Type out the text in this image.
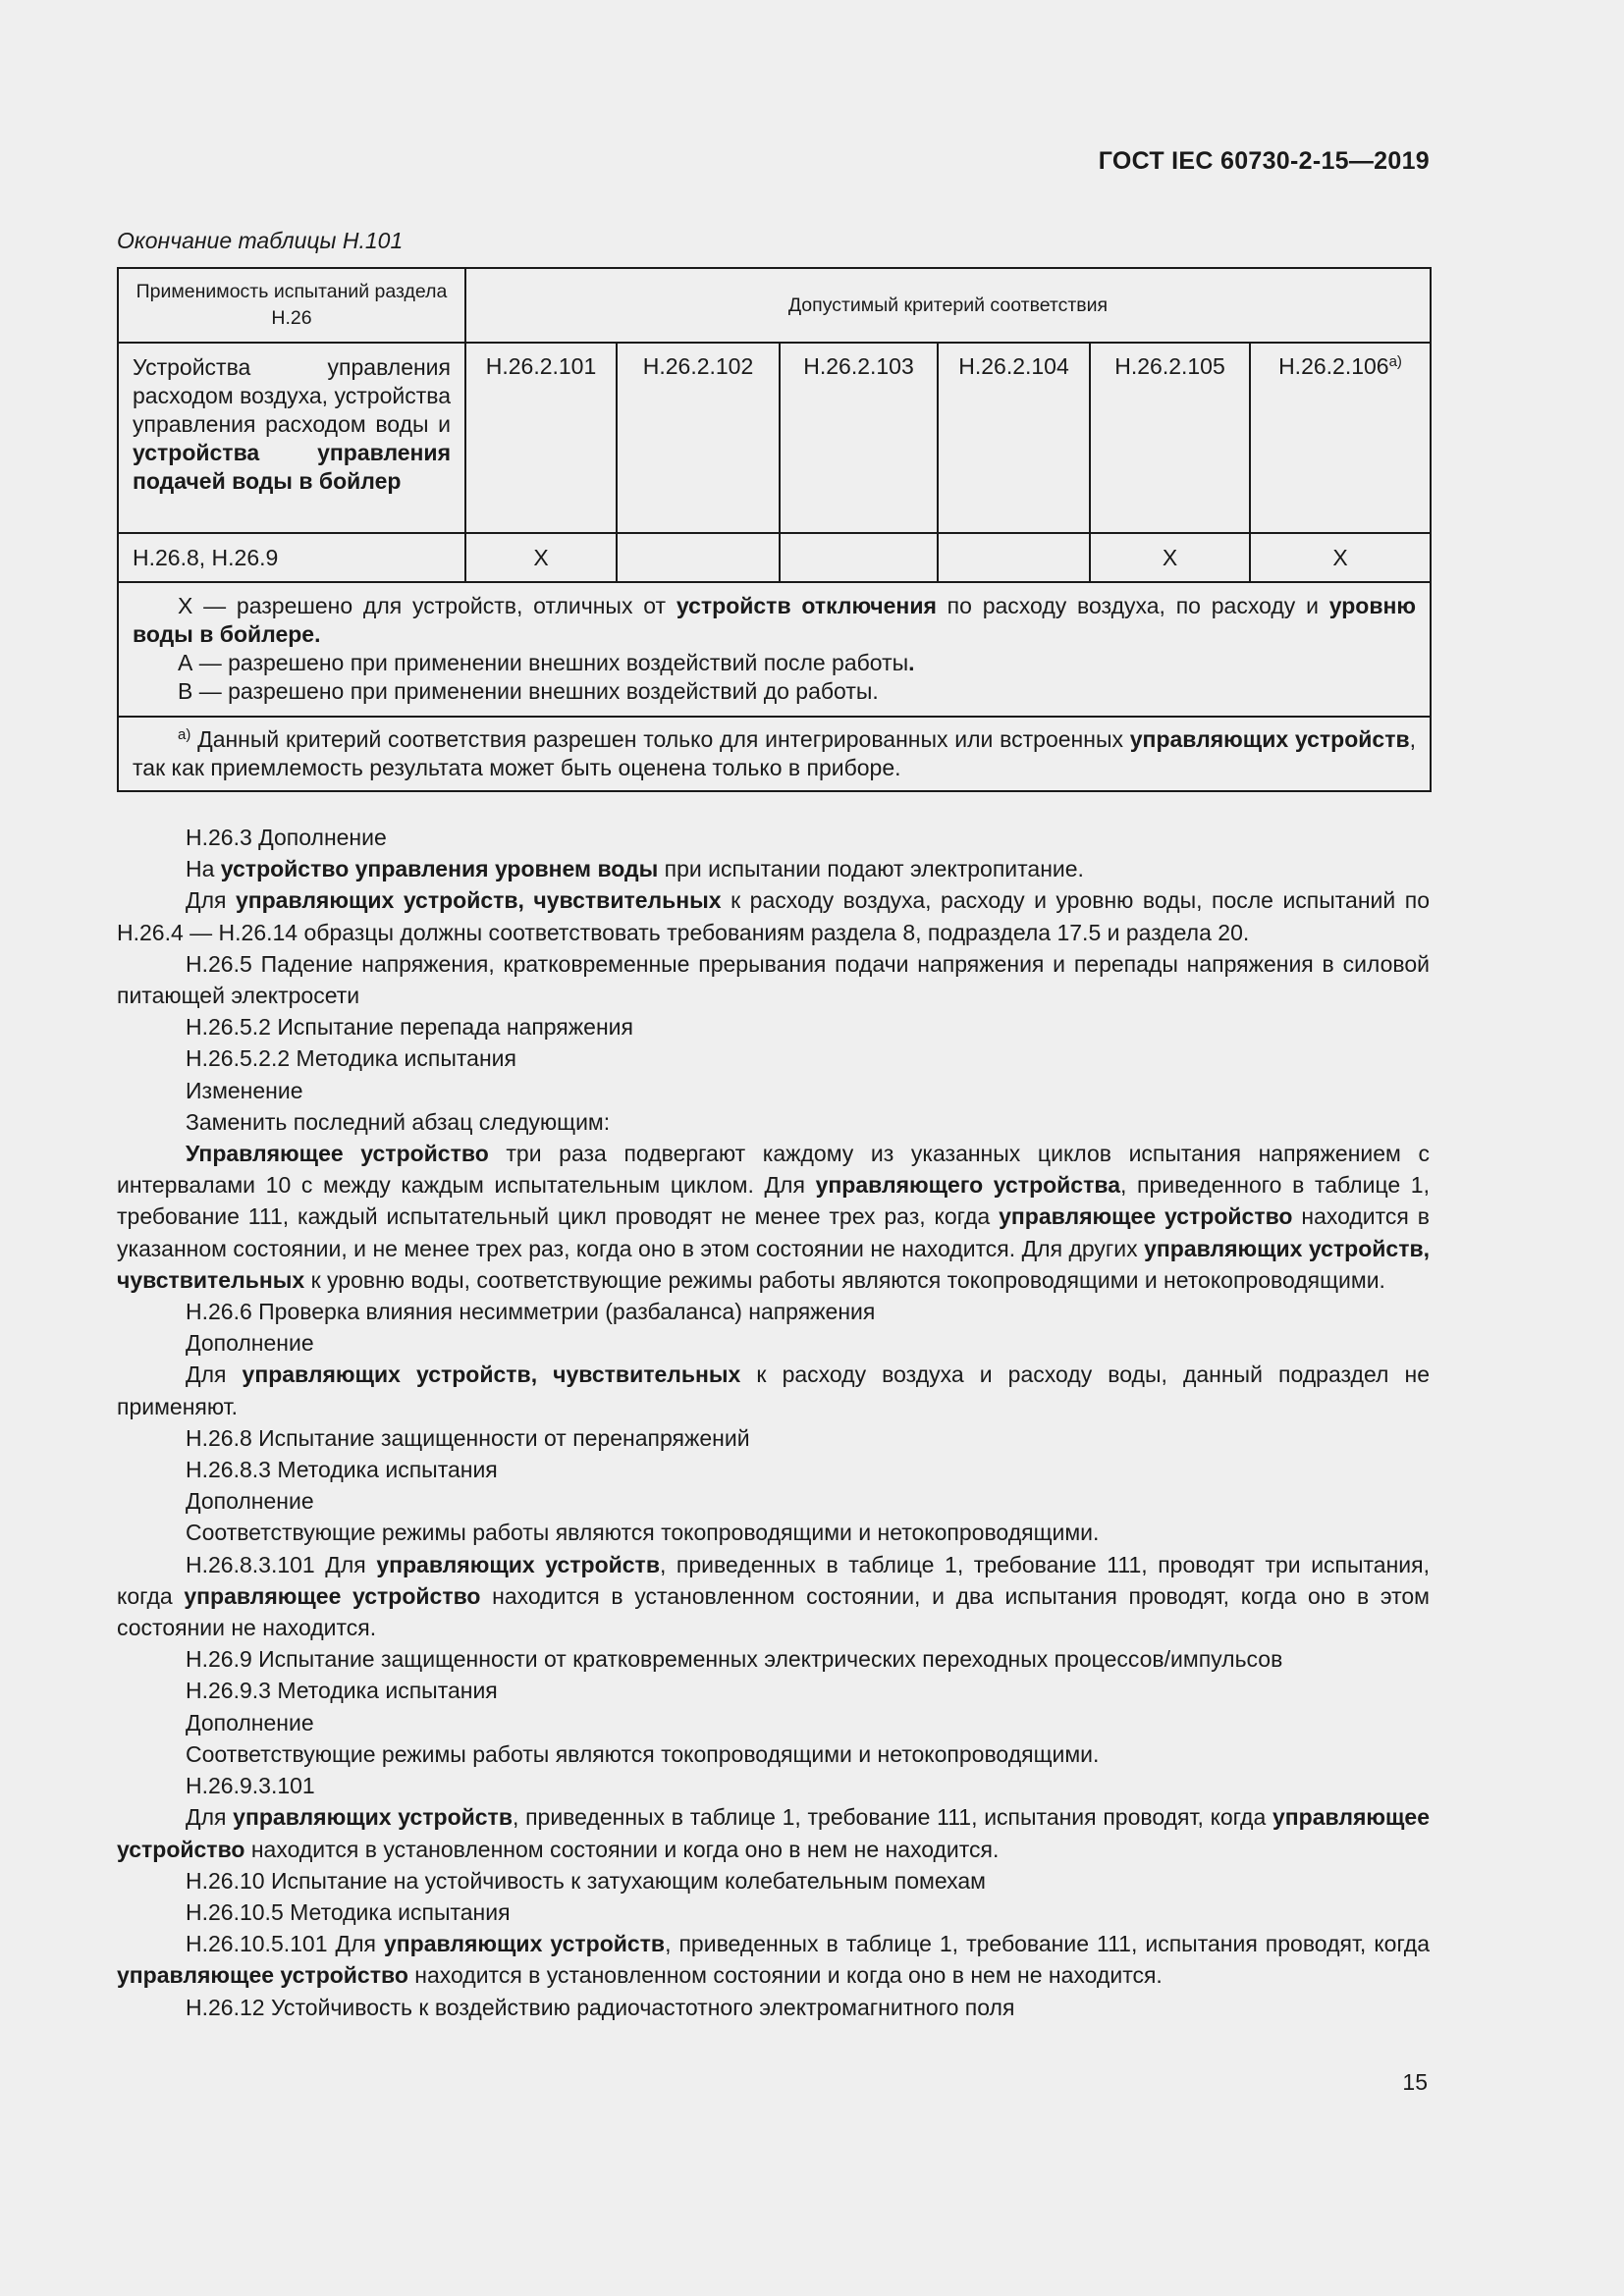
ГОСТ IEC 60730-2-15—2019
Окончание таблицы Н.101
Применимость испытаний раздела Н.26	Допустимый критерий соответствия					
Устройства управления расходом воздуха, устройства управления расходом воды и устройства управления подачей воды в бойлер	Н.26.2.101	Н.26.2.102	Н.26.2.103	Н.26.2.104	Н.26.2.105	$Н.26.2.106^{а)}$
Н.26.8, Н.26.9	X				X	X

X — разрешено для устройств, отличных от устройств отключения по расходу воздуха, по расходу и уровню воды в бойлере.

А — разрешено при применении внешних воздействий после работы.

В — разрешено при применении внешних воздействий до работы.						

$^{а)}$ Данный критерий соответствия разрешен только для интегрированных или встроенных управляющих устройств, так как приемлемость результата может быть оценена только в приборе.						

Н.26.3 Дополнение

На устройство управления уровнем воды при испытании подают электропитание.

Для управляющих устройств, чувствительных к расходу воздуха, расходу и уровню воды, после испытаний по Н.26.4 — Н.26.14 образцы должны соответствовать требованиям раздела 8, подраздела 17.5 и раздела 20.

Н.26.5 Падение напряжения, кратковременные прерывания подачи напряжения и перепады напряжения в силовой питающей электросети

Н.26.5.2 Испытание перепада напряжения

Н.26.5.2.2 Методика испытания

Изменение

Заменить последний абзац следующим:

Управляющее устройство три раза подвергают каждому из указанных циклов испытания напряжением с интервалами 10 с между каждым испытательным циклом. Для управляющего устройства, приведенного в таблице 1, требование 111, каждый испытательный цикл проводят не менее трех раз, когда управляющее устройство находится в указанном состоянии, и не менее трех раз, когда оно в этом состоянии не находится. Для других управляющих устройств, чувствительных к уровню воды, соответствующие режимы работы являются токопроводящими и нетокопроводящими.

Н.26.6 Проверка влияния несимметрии (разбаланса) напряжения

Дополнение

Для управляющих устройств, чувствительных к расходу воздуха и расходу воды, данный подраздел не применяют.

Н.26.8 Испытание защищенности от перенапряжений

Н.26.8.3 Методика испытания

Дополнение

Соответствующие режимы работы являются токопроводящими и нетокопроводящими.

Н.26.8.3.101 Для управляющих устройств, приведенных в таблице 1, требование 111, проводят три испытания, когда управляющее устройство находится в установленном состоянии, и два испытания проводят, когда оно в этом состоянии не находится.

Н.26.9 Испытание защищенности от кратковременных электрических переходных процессов/импульсов

Н.26.9.3 Методика испытания

Дополнение

Соответствующие режимы работы являются токопроводящими и нетокопроводящими.

Н.26.9.3.101

Для управляющих устройств, приведенных в таблице 1, требование 111, испытания проводят, когда управляющее устройство находится в установленном состоянии и когда оно в нем не находится.

Н.26.10 Испытание на устойчивость к затухающим колебательным помехам

Н.26.10.5 Методика испытания

Н.26.10.5.101 Для управляющих устройств, приведенных в таблице 1, требование 111, испытания проводят, когда управляющее устройство находится в установленном состоянии и когда оно в нем не находится.

Н.26.12 Устойчивость к воздействию радиочастотного электромагнитного поля

15
